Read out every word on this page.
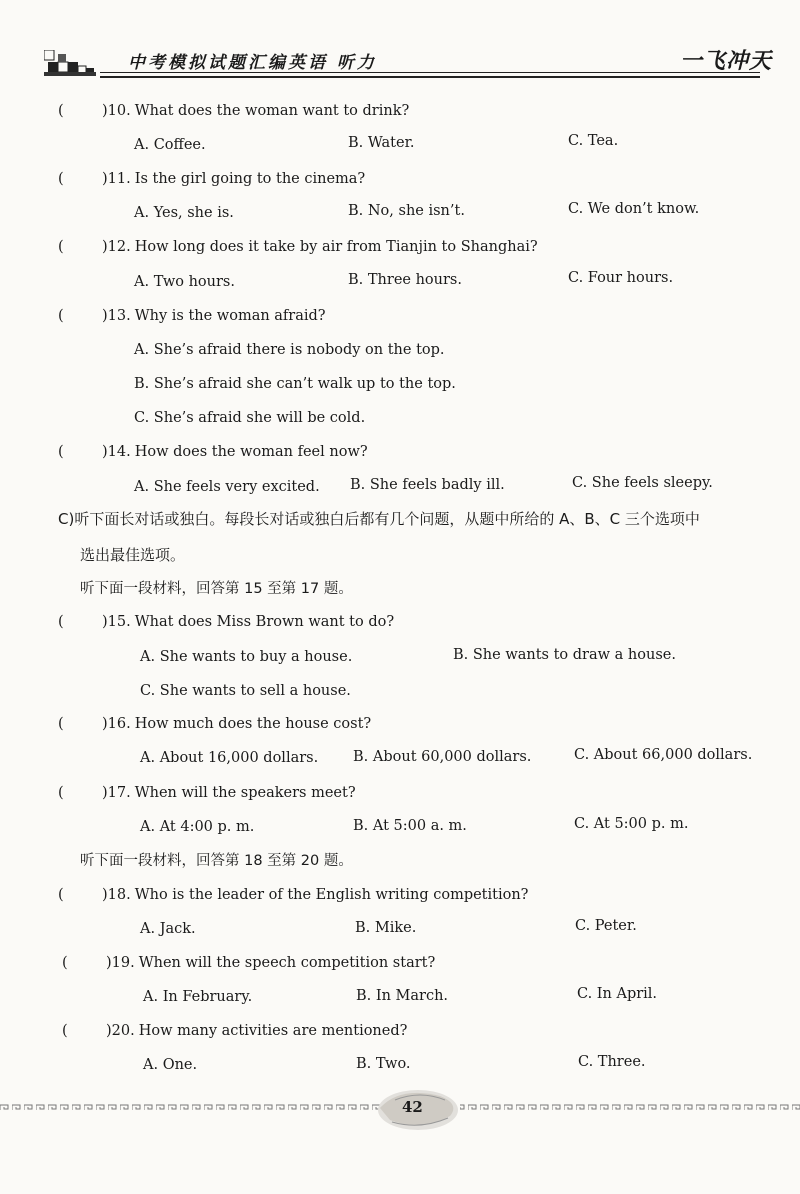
中考模拟试题汇编英语 听力	一飞冲天
(	)10. What does the woman want to drink?
A. Coffee.	B. Water.	C. Tea.
(	)11. Is the girl going to the cinema?
A. Yes, she is.	B. No, she isn’t.	C. We don’t know.
(	)12. How long does it take by air from Tianjin to Shanghai?
A. Two hours.	B. Three hours.	C. Four hours.
(	)13. Why is the woman afraid?
A. She’s afraid there is nobody on the top.
B. She’s afraid she can’t walk up to the top.
C. She’s afraid she will be cold.
(	)14. How does the woman feel now?
A. She feels very excited. B. She feels badly ill.	C. She feels sleepy.
C)听下面长对话或独白。每段长对话或独白后都有几个问题，从题中所给的 A、B、C 三个选项中
选出最佳选项。
听下面一段材料，回答第 15 至第 17 题。
(	)15. What does Miss Brown want to do?
A. She wants to buy a house.	B. She wants to draw a house.
C. She wants to sell a house.
(	)16. How much does the house cost?
A. About 16,000 dollars. B. About 60,000 dollars.	C. About 66,000 dollars.
(	)17. When will the speakers meet?
A. At 4:00 p. m.	B. At 5:00 a. m.	C. At 5:00 p. m.
听下面一段材料，回答第 18 至第 20 题。
(	)18. Who is the leader of the English writing competition?
A. Jack.	B. Mike.	C. Peter.
(	)19. When will the speech competition start?
A. In February.	B. In March.	C. In April.
(	)20. How many activities are mentioned?
A. One.	B. Two.	C. Three.
42
